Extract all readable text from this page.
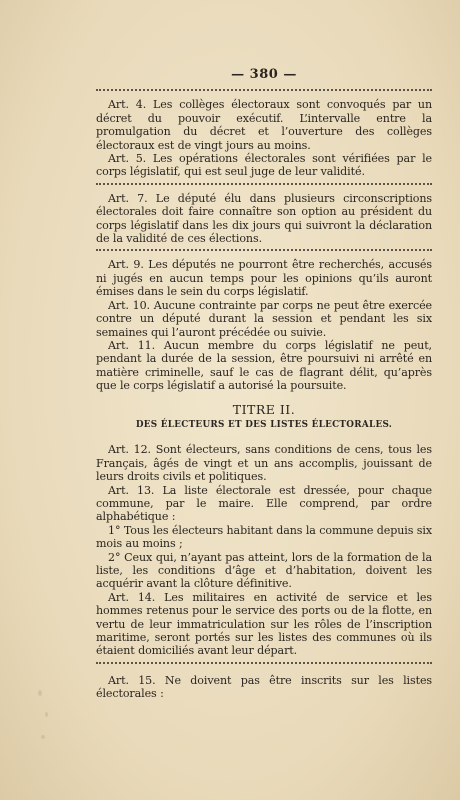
— 380 —

Art. 4. Les collèges électoraux sont convoqués par un décret du pouvoir exécutif. L’intervalle entre la promulgation du décret et l’ouverture des collèges électoraux est de vingt jours au moins.

Art. 5. Les opérations électorales sont vérifiées par le corps législatif, qui est seul juge de leur validité.

Art. 7. Le député élu dans plusieurs circonscriptions électorales doit faire connaître son option au président du corps législatif dans les dix jours qui suivront la déclaration de la validité de ces élections.

Art. 9. Les députés ne pourront être recherchés, accusés ni jugés en aucun temps pour les opinions qu’ils auront émises dans le sein du corps législatif.

Art. 10. Aucune contrainte par corps ne peut être exercée contre un député durant la session et pendant les six semaines qui l’auront précédée ou suivie.

Art. 11. Aucun membre du corps législatif ne peut, pendant la durée de la session, être poursuivi ni arrêté en matière criminelle, sauf le cas de flagrant délit, qu’après que le corps législatif a autorisé la poursuite.

TITRE II.
DES ÉLECTEURS ET DES LISTES ÉLECTORALES.

Art. 12. Sont électeurs, sans conditions de cens, tous les Français, âgés de vingt et un ans accomplis, jouissant de leurs droits civils et politiques.

Art. 13. La liste électorale est dressée, pour chaque commune, par le maire. Elle comprend, par ordre alphabétique :

1° Tous les électeurs habitant dans la commune depuis six mois au moins ;

2° Ceux qui, n’ayant pas atteint, lors de la formation de la liste, les conditions d’âge et d’habitation, doivent les acquérir avant la clôture définitive.

Art. 14. Les militaires en activité de service et les hommes retenus pour le service des ports ou de la flotte, en vertu de leur immatriculation sur les rôles de l’inscription maritime, seront portés sur les listes des communes où ils étaient domiciliés avant leur départ.

Art. 15. Ne doivent pas être inscrits sur les listes électorales :
